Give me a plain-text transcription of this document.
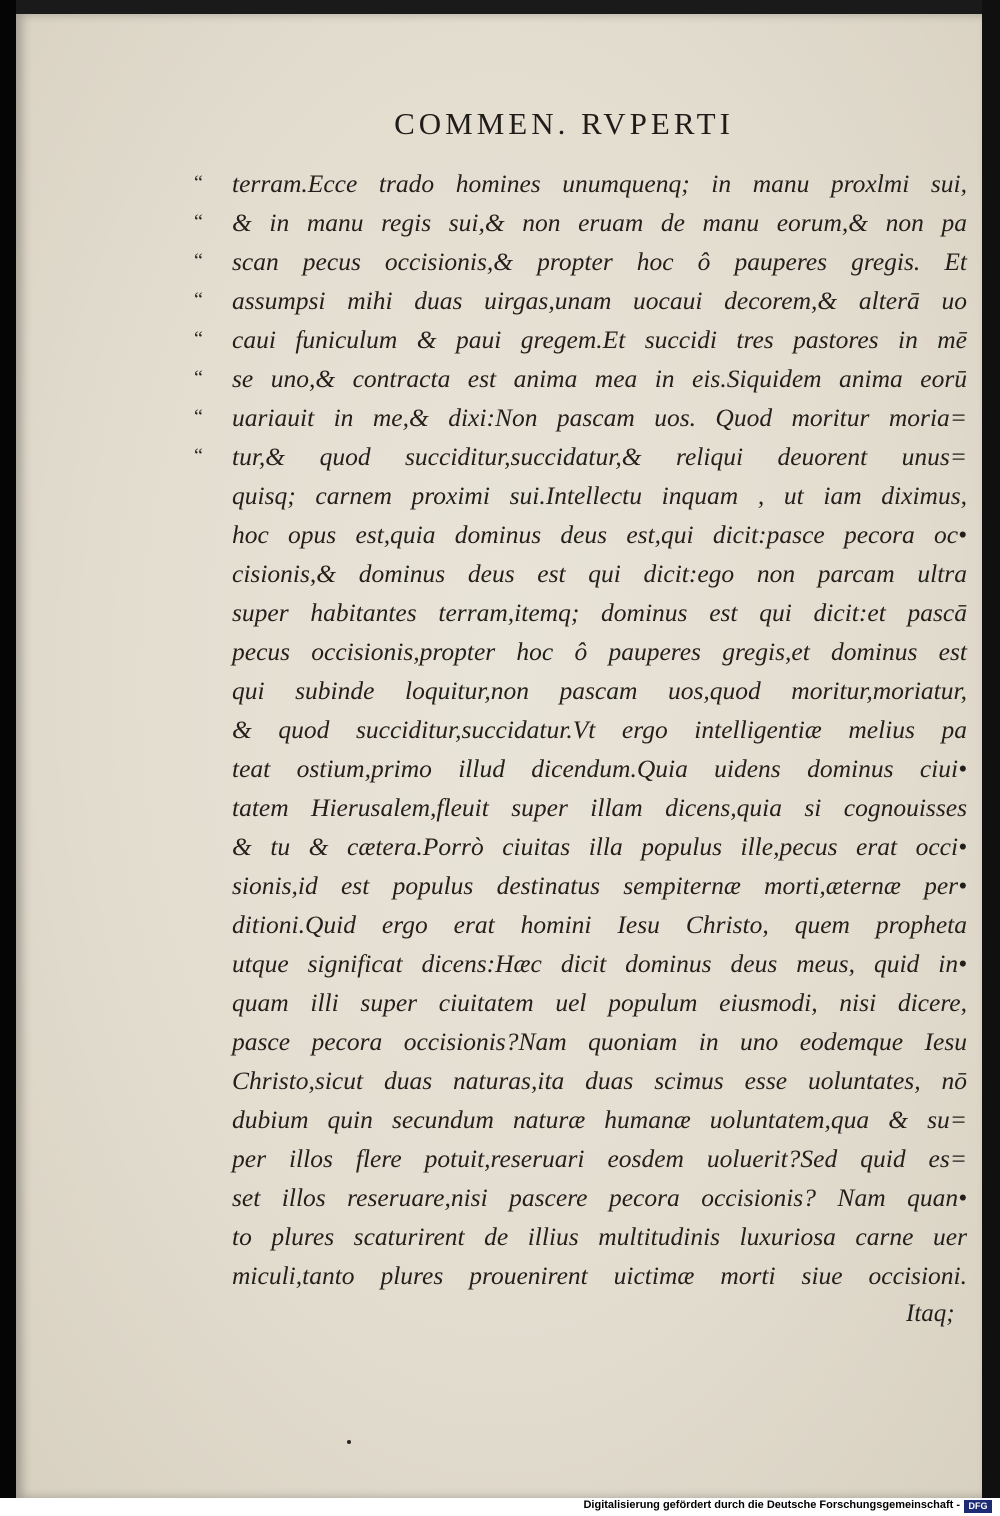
COMMEN. RVPERTI
“
“
“
“
“
“
“
“
terram.Ecce trado homines unumquenq; in manu proxlmi sui,
& in manu regis sui,& non eruam de manu eorum,& non pa
scan pecus occisionis,& propter hoc ô pauperes gregis. Et
assumpsi mihi duas uirgas,unam uocaui decorem,& alterā uo
caui funiculum & paui gregem.Et succidi tres pastores in mē
se uno,& contracta est anima mea in eis.Siquidem anima eorū
uariauit in me,& dixi:Non pascam uos. Quod moritur moria=
tur,& quod succiditur,succidatur,& reliqui deuorent unus=
quisq; carnem proximi sui.Intellectu inquam , ut iam diximus,
hoc opus est,quia dominus deus est,qui dicit:pasce pecora oc•
cisionis,& dominus deus est qui dicit:ego non parcam ultra
super habitantes terram,itemq; dominus est qui dicit:et pascā
pecus occisionis,propter hoc ô pauperes gregis,et dominus est
qui subinde loquitur,non pascam uos,quod moritur,moriatur,
& quod succiditur,succidatur.Vt ergo intelligentiæ melius pa
teat ostium,primo illud dicendum.Quia uidens dominus ciui•
tatem Hierusalem,fleuit super illam dicens,quia si cognouisses
& tu & cætera.Porrò ciuitas illa populus ille,pecus erat occi•
sionis,id est populus destinatus sempiternæ morti,æternæ per•
ditioni.Quid ergo erat homini Iesu Christo, quem propheta
utque significat dicens:Hæc dicit dominus deus meus, quid in•
quam illi super ciuitatem uel populum eiusmodi, nisi dicere,
pasce pecora occisionis?Nam quoniam in uno eodemque Iesu
Christo,sicut duas naturas,ita duas scimus esse uoluntates, nō
dubium quin secundum naturæ humanæ uoluntatem,qua & su=
per illos flere potuit,reseruari eosdem uoluerit?Sed quid es=
set illos reseruare,nisi pascere pecora occisionis? Nam quan•
to plures scaturirent de illius multitudinis luxuriosa carne uer
miculi,tanto plures prouenirent uictimæ morti siue occisioni.

Itaq;

Digitalisierung gefördert durch die Deutsche Forschungsgemeinschaft - DFG
